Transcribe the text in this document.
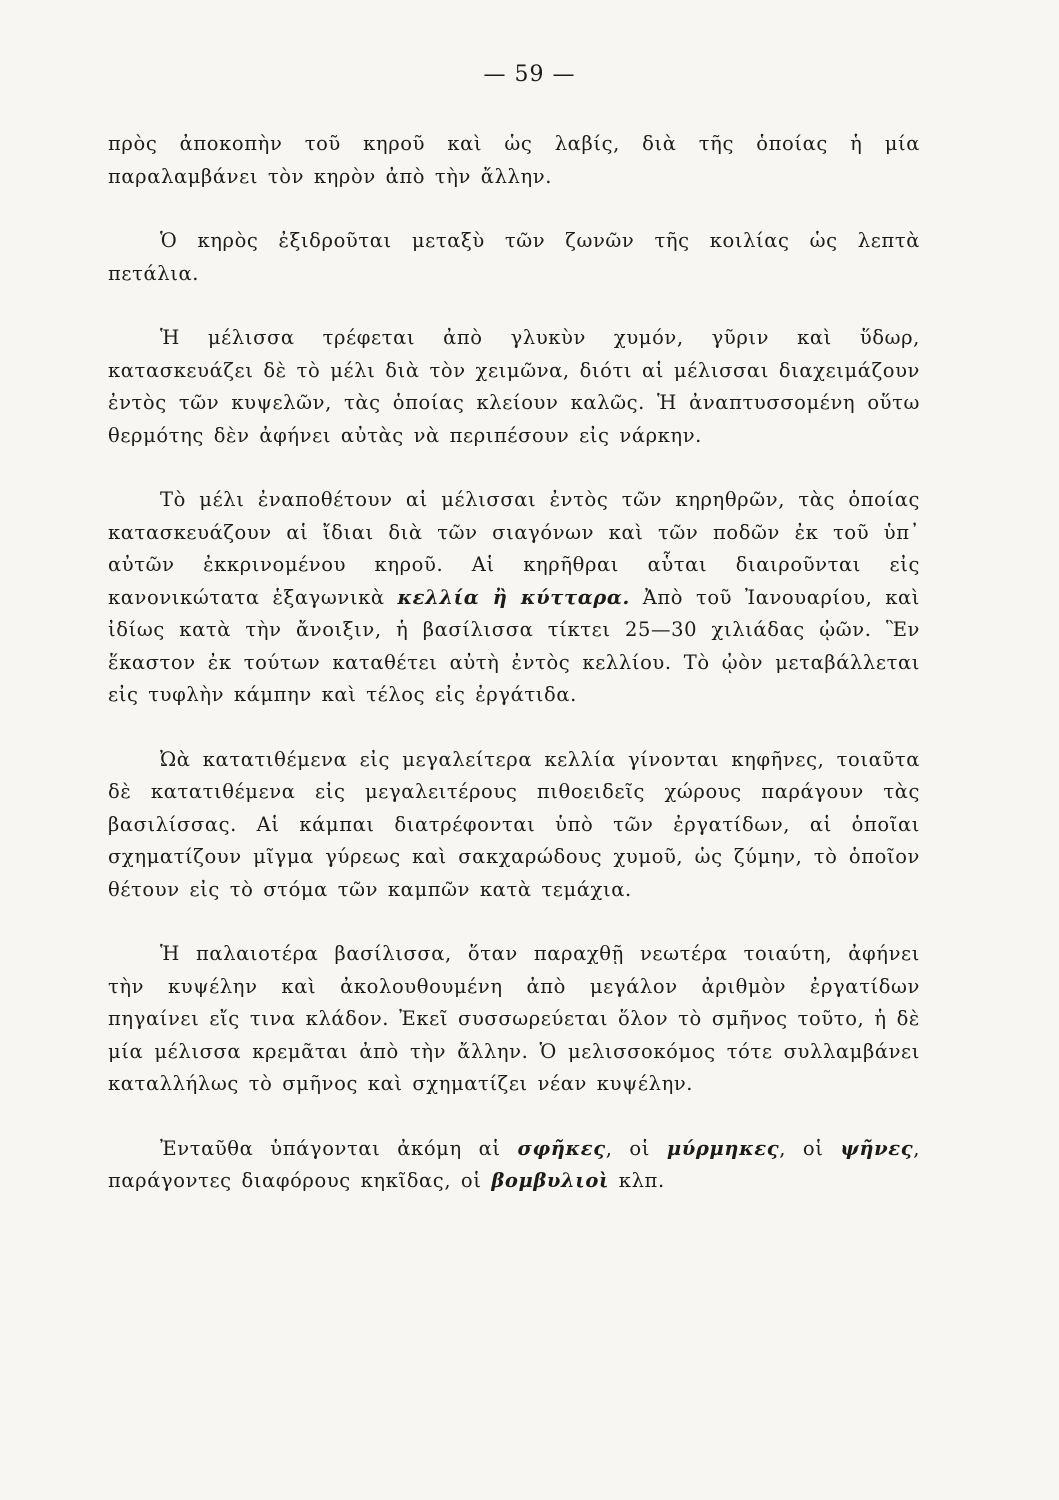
— 59 —

πρὸς ἀποκοπὴν τοῦ κηροῦ καὶ ὡς λαβίς, διὰ τῆς ὁποίας ἡ μία παραλαμβάνει τὸν κηρὸν ἀπὸ τὴν ἄλλην.

Ὁ κηρὸς ἐξιδροῦται μεταξὺ τῶν ζωνῶν τῆς κοιλίας ὡς λεπτὰ πετάλια.

Ἡ μέλισσα τρέφεται ἀπὸ γλυκὺν χυμόν, γῦριν καὶ ὕδωρ, κατασκευάζει δὲ τὸ μέλι διὰ τὸν χειμῶνα, διότι αἱ μέλισσαι διαχειμάζουν ἐντὸς τῶν κυψελῶν, τὰς ὁποίας κλείουν καλῶς. Ἡ ἀναπτυσσομένη οὕτω θερμότης δὲν ἀφήνει αὐτὰς νὰ περιπέσουν εἰς νάρκην.

Τὸ μέλι ἐναποθέτουν αἱ μέλισσαι ἐντὸς τῶν κηρηθρῶν, τὰς ὁποίας κατασκευάζουν αἱ ἴδιαι διὰ τῶν σιαγόνων καὶ τῶν ποδῶν ἐκ τοῦ ὑπ᾽ αὐτῶν ἐκκρινομένου κηροῦ. Αἱ κηρῆθραι αὗται διαιροῦνται εἰς κανονικώτατα ἑξαγωνικὰ κελλία ἢ κύτταρα. Ἀπὸ τοῦ Ἰανουαρίου, καὶ ἰδίως κατὰ τὴν ἄνοιξιν, ἡ βασίλισσα τίκτει 25—30 χιλιάδας ᾠῶν. Ἓν ἕκαστον ἐκ τούτων καταθέτει αὐτὴ ἐντὸς κελλίου. Τὸ ᾠὸν μεταβάλλεται εἰς τυφλὴν κάμπην καὶ τέλος εἰς ἐργάτιδα.

Ὠὰ κατατιθέμενα εἰς μεγαλείτερα κελλία γίνονται κηφῆνες, τοιαῦτα δὲ κατατιθέμενα εἰς μεγαλειτέρους πιθοειδεῖς χώρους παράγουν τὰς βασιλίσσας. Αἱ κάμπαι διατρέφονται ὑπὸ τῶν ἐργατίδων, αἱ ὁποῖαι σχηματίζουν μῖγμα γύρεως καὶ σακχαρώδους χυμοῦ, ὡς ζύμην, τὸ ὁποῖον θέτουν εἰς τὸ στόμα τῶν καμπῶν κατὰ τεμάχια.

Ἡ παλαιοτέρα βασίλισσα, ὅταν παραχθῇ νεωτέρα τοιαύτη, ἀφήνει τὴν κυψέλην καὶ ἀκολουθουμένη ἀπὸ μεγάλον ἀριθμὸν ἐργατίδων πηγαίνει εἴς τινα κλάδον. Ἐκεῖ συσσωρεύεται ὅλον τὸ σμῆνος τοῦτο, ἡ δὲ μία μέλισσα κρεμᾶται ἀπὸ τὴν ἄλλην. Ὁ μελισσοκόμος τότε συλλαμβάνει καταλλήλως τὸ σμῆνος καὶ σχηματίζει νέαν κυψέλην.

Ἐνταῦθα ὑπάγονται ἀκόμη αἱ σφῆκες, οἱ μύρμηκες, οἱ ψῆνες, παράγοντες διαφόρους κηκῖδας, οἱ βομβυλιοὶ κλπ.
